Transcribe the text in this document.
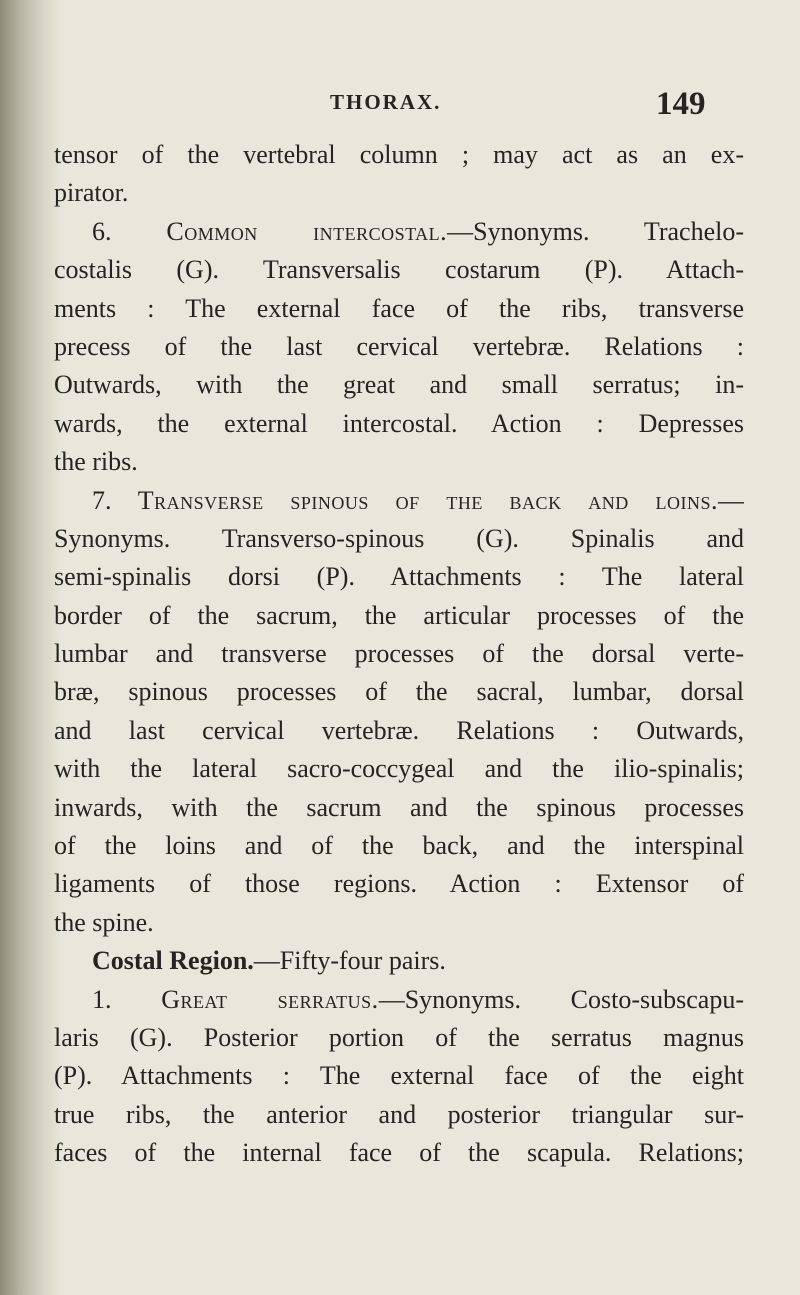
THORAX.	149
tensor of the vertebral column ; may act as an ex-
pirator.
6. Common intercostal.—Synonyms. Trachelo-
costalis (G). Transversalis costarum (P). Attach-
ments : The external face of the ribs, transverse
precess of the last cervical vertebræ. Relations :
Outwards, with the great and small serratus; in-
wards, the external intercostal. Action : Depresses
the ribs.
7. Transverse spinous of the back and loins.—
Synonyms. Transverso-spinous (G). Spinalis and
semi-spinalis dorsi (P). Attachments : The lateral
border of the sacrum, the articular processes of the
lumbar and transverse processes of the dorsal verte-
bræ, spinous processes of the sacral, lumbar, dorsal
and last cervical vertebræ. Relations : Outwards,
with the lateral sacro-coccygeal and the ilio-spinalis;
inwards, with the sacrum and the spinous processes
of the loins and of the back, and the interspinal
ligaments of those regions. Action : Extensor of
the spine.
Costal Region.—Fifty-four pairs.
1. Great serratus.—Synonyms. Costo-subscapu-
laris (G). Posterior portion of the serratus magnus
(P). Attachments : The external face of the eight
true ribs, the anterior and posterior triangular sur-
faces of the internal face of the scapula. Relations;
